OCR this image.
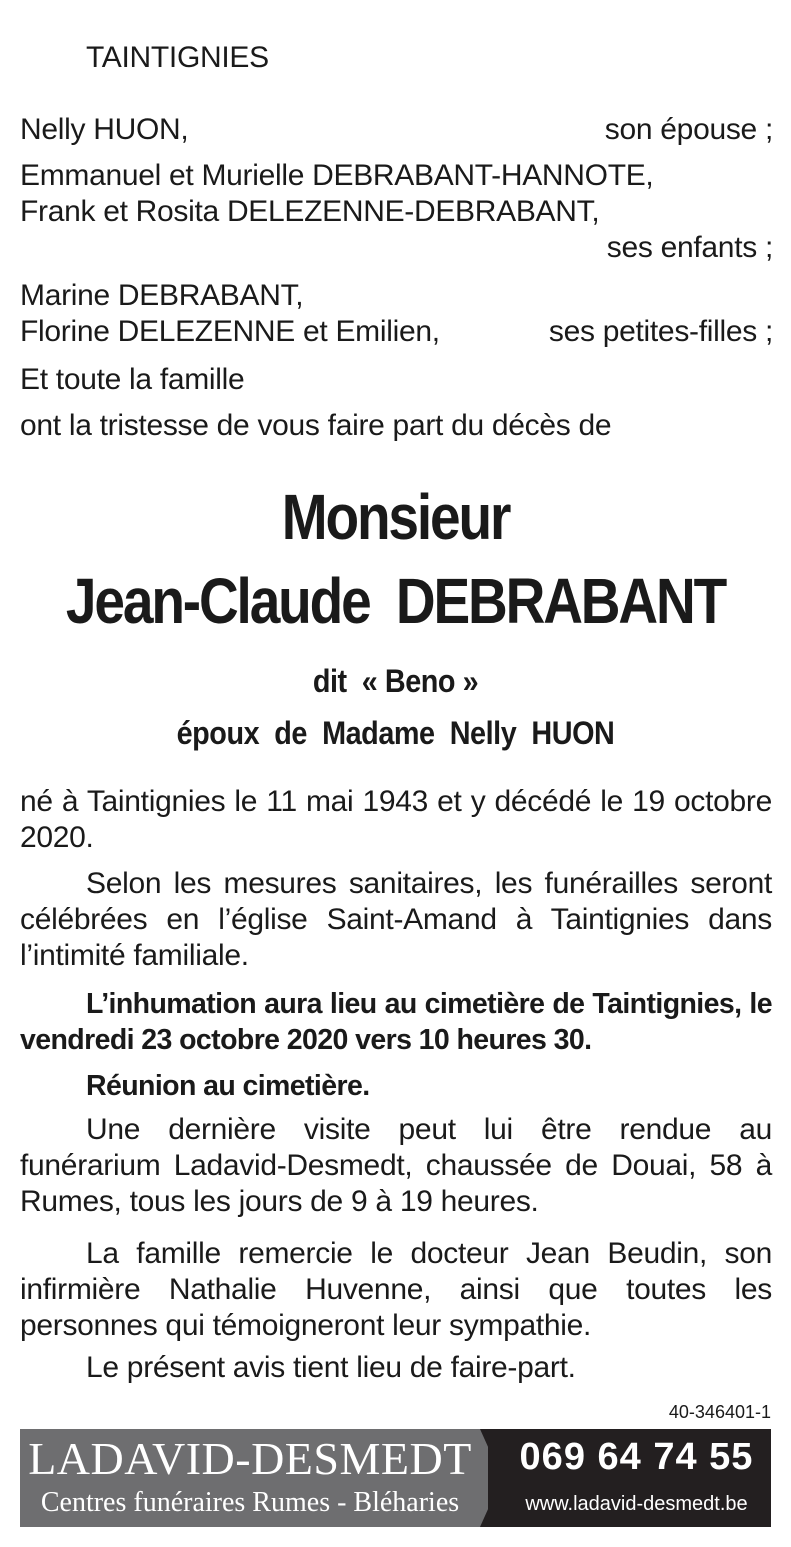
TAINTIGNIES
Nelly HUON,	son épouse ;
Emmanuel et Murielle DEBRABANT-HANNOTE,
Frank et Rosita DELEZENNE-DEBRABANT,
ses enfants ;
Marine DEBRABANT,
Florine DELEZENNE et Emilien,	ses petites-filles ;
Et toute la famille
ont la tristesse de vous faire part du décès de
Monsieur
Jean-Claude  DEBRABANT
dit  « Beno »
époux  de  Madame  Nelly  HUON
né à Taintignies le 11 mai 1943 et y décédé le 19 octobre 2020.
Selon les mesures sanitaires, les funérailles seront célébrées en l’église Saint-Amand à Taintignies dans l’intimité familiale.
L’inhumation aura lieu au cimetière de Taintignies, le vendredi 23 octobre 2020 vers 10 heures 30.
Réunion au cimetière.
Une dernière visite peut lui être rendue au funérarium Ladavid-Desmedt, chaussée de Douai, 58 à Rumes, tous les jours de 9 à 19 heures.
La famille remercie le docteur Jean Beudin, son infirmière Nathalie Huvenne, ainsi que toutes les personnes qui témoigneront leur sympathie.
Le présent avis tient lieu de faire-part.
40-346401-1
LADAVID-DESMEDT
Centres funéraires Rumes - Bléharies
069 64 74 55
www.ladavid-desmedt.be
